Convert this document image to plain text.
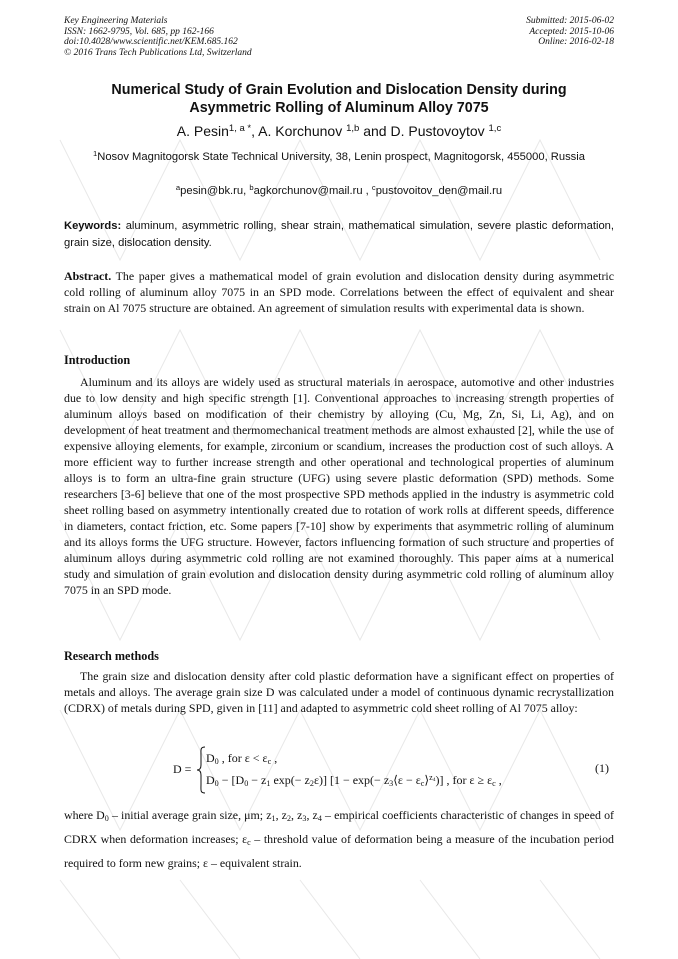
Key Engineering Materials
ISSN: 1662-9795, Vol. 685, pp 162-166
doi:10.4028/www.scientific.net/KEM.685.162
© 2016 Trans Tech Publications Ltd, Switzerland
Submitted: 2015-06-02
Accepted: 2015-10-06
Online: 2016-02-18
Numerical Study of Grain Evolution and Dislocation Density during
Asymmetric Rolling of Aluminum Alloy 7075
A. Pesin$^{1, a *}$, A. Korchunov $^{1,b}$ and D. Pustovoytov $^{1,c}$
$^1$Nosov Magnitogorsk State Technical University, 38, Lenin prospect, Magnitogorsk, 455000, Russia
$^a$pesin@bk.ru, $^b$agkorchunov@mail.ru , $^c$pustovoitov_den@mail.ru
Keywords: aluminum, asymmetric rolling, shear strain, mathematical simulation, severe plastic deformation, grain size, dislocation density.
Abstract. The paper gives a mathematical model of grain evolution and dislocation density during asymmetric cold rolling of aluminum alloy 7075 in an SPD mode. Correlations between the effect of equivalent and shear strain on Al 7075 structure are obtained. An agreement of simulation results with experimental data is shown.
Introduction
Aluminum and its alloys are widely used as structural materials in aerospace, automotive and other industries due to low density and high specific strength [1]. Conventional approaches to increasing strength properties of aluminum alloys based on modification of their chemistry by alloying (Cu, Mg, Zn, Si, Li, Ag), and on development of heat treatment and thermomechanical treatment methods are almost exhausted [2], while the use of expensive alloying elements, for example, zirconium or scandium, increases the production cost of such alloys. A more efficient way to further increase strength and other operational and technological properties of aluminum alloys is to form an ultra-fine grain structure (UFG) using severe plastic deformation (SPD) methods. Some researchers [3-6] believe that one of the most prospective SPD methods applied in the industry is asymmetric cold sheet rolling based on asymmetry intentionally created due to rotation of work rolls at different speeds, difference in diameters, contact friction, etc. Some papers [7-10] show by experiments that asymmetric rolling of aluminum and its alloys forms the UFG structure. However, factors influencing formation of such structure and properties of aluminum alloys during asymmetric cold rolling are not examined thoroughly. This paper aims at a numerical study and simulation of grain evolution and dislocation density during asymmetric cold rolling of aluminum alloy 7075 in an SPD mode.
Research methods
The grain size and dislocation density after cold plastic deformation have a significant effect on properties of metals and alloys. The average grain size D was calculated under a model of continuous dynamic recrystallization (CDRX) of metals during SPD, given in [11] and adapted to asymmetric cold sheet rolling of Al 7075 alloy:
D =
$D_0$ , for $\varepsilon < \varepsilon_c$ ,
$D_0 - [D_0 - z_1$ $\exp(- z_2\varepsilon)$] [$1 - \exp(- z_3⟨\varepsilon$ − $\varepsilon_c⟩^{z_4}$)] , for $\varepsilon \ge \varepsilon_c$ ,
(1)
where $D_0$ – initial average grain size, μm; $z_1$, $z_2$, $z_3$, $z_4$ – empirical coefficients characteristic of changes in speed of CDRX when deformation increases; $\varepsilon_c$ – threshold value of deformation being a measure of the incubation period required to form new grains; ε – equivalent strain.
